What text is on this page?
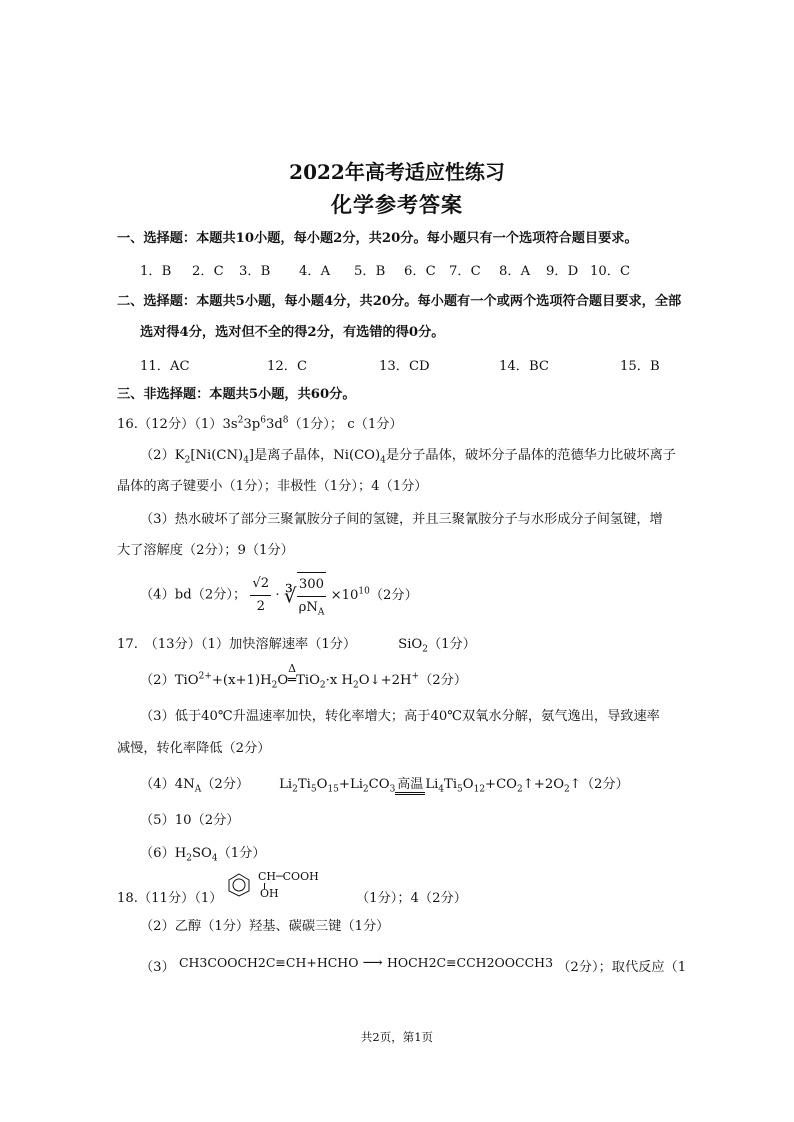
2022年高考适应性练习
化学参考答案
一、选择题：本题共10小题，每小题2分，共20分。每小题只有一个选项符合题目要求。
1．B 2．C 3．B 4．A 5．B 6．C 7．C 8．A 9．D 10．C
二、选择题：本题共5小题，每小题4分，共20分。每小题有一个或两个选项符合题目要求，全部
选对得4分，选对但不全的得2分，有选错的得0分。
11．AC	12．C	13．CD	14．BC	15．B
三、非选择题：本题共5小题，共60分。
16.（12分）$(1)3s^23p^63d^8(1$分）； c（1分）
$(2)K_2[Ni(CN)_4]$是离子晶体，$Ni(CO)_4$是分子晶体，破坏分子晶体的范德华力比破坏离子
晶体的离子键要小（1分）；非极性（1分）；4（1分）
（3）热水破坏了部分三聚氰胺分子间的氢键，并且三聚氰胺分子与水形成分子间氢键，增
大了溶解度（2分）；9（1分）
（4）bd（2分）； $\frac{√2}{2}$ · ∛ $\frac{300}{\rho N_A} \times 10^{10}(2$分）
17.　（13分）（1）加快溶解速率（1分）	SiO$_2$（1分）
$(2)TiO^{2+}+(x+1)H_2O$
Δ
═TiO$_2$·x $H_2O↓+2H^+(2$分）
（3）低于40℃升温速率加快，转化率增大；高于40℃双氧水分解，氨气逸出，导致速率
减慢，转化率降低（2分）
$(4)4N_A(2$分） $Li_2Ti_5O_{15}+Li_2CO_3$ 高温 $Li_4Ti_5O_{12}+CO_2↑+2O_2↑(2$分）
（5）10（2分）
$(6)H_2SO_4(1$分）
18.（11分）（1）
CH─COOH
OH	（1分）；4（2分）
（2）乙醇（1分）羟基、碳碳三键（1分）
（3） CH3COOCH2C≡CH+HCHO ⟶ HOCH2C≡CCH2OOCCH3 （2分）；取代反应（1
共2页，第1页
